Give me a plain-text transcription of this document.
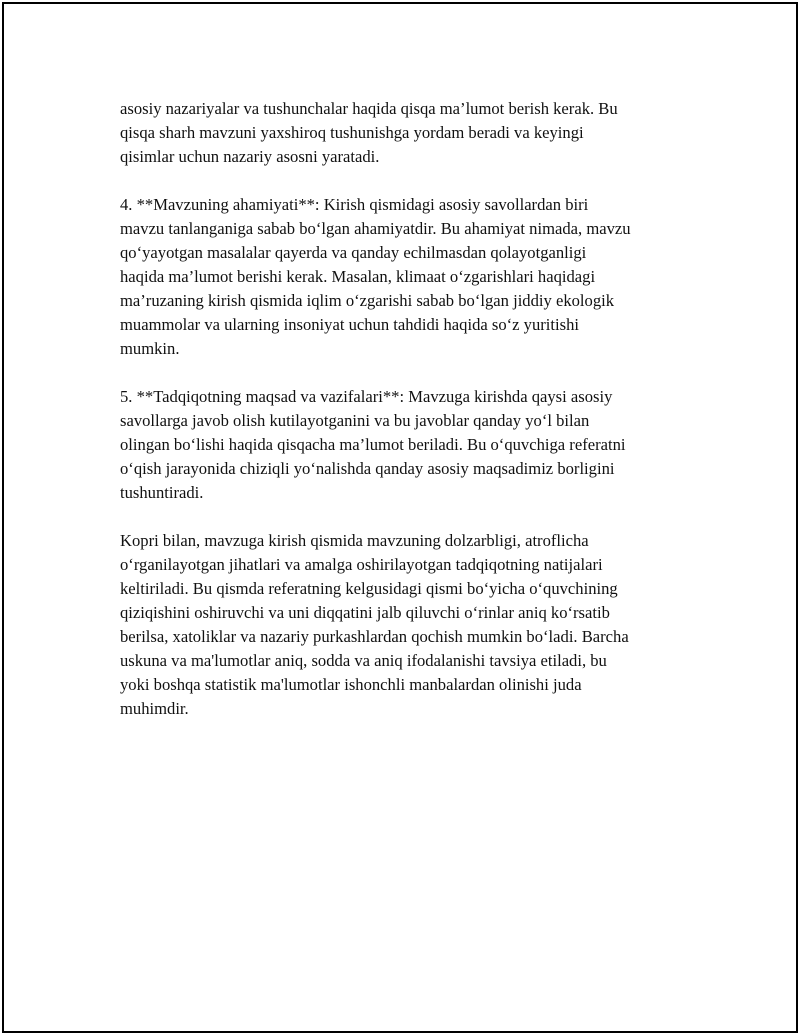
asosiy nazariyalar va tushunchalar haqida qisqa ma’lumot berish kerak. Bu
qisqa sharh mavzuni yaxshiroq tushunishga yordam beradi va keyingi
qisimlar uchun nazariy asosni yaratadi.

4. **Mavzuning ahamiyati**: Kirish qismidagi asosiy savollardan biri
mavzu tanlanganiga sabab bo‘lgan ahamiyatdir. Bu ahamiyat nimada, mavzu
qo‘yayotgan masalalar qayerda va qanday echilmasdan qolayotganligi
haqida ma’lumot berishi kerak. Masalan, klimaat o‘zgarishlari haqidagi
ma’ruzaning kirish qismida iqlim o‘zgarishi sabab bo‘lgan jiddiy ekologik
muammolar va ularning insoniyat uchun tahdidi haqida so‘z yuritishi
mumkin.

5. **Tadqiqotning maqsad va vazifalari**: Mavzuga kirishda qaysi asosiy
savollarga javob olish kutilayotganini va bu javoblar qanday yo‘l bilan
olingan bo‘lishi haqida qisqacha ma’lumot beriladi. Bu o‘quvchiga referatni
o‘qish jarayonida chiziqli yo‘nalishda qanday asosiy maqsadimiz borligini
tushuntiradi.

Kopri bilan, mavzuga kirish qismida mavzuning dolzarbligi, atroflicha
o‘rganilayotgan jihatlari va amalga oshirilayotgan tadqiqotning natijalari
keltiriladi. Bu qismda referatning kelgusidagi qismi bo‘yicha o‘quvchining
qiziqishini oshiruvchi va uni diqqatini jalb qiluvchi o‘rinlar aniq ko‘rsatib
berilsa, xatoliklar va nazariy purkashlardan qochish mumkin bo‘ladi. Barcha
uskuna va ma'lumotlar aniq, sodda va aniq ifodalanishi tavsiya etiladi, bu
yoki boshqa statistik ma'lumotlar ishonchli manbalardan olinishi juda
muhimdir.
